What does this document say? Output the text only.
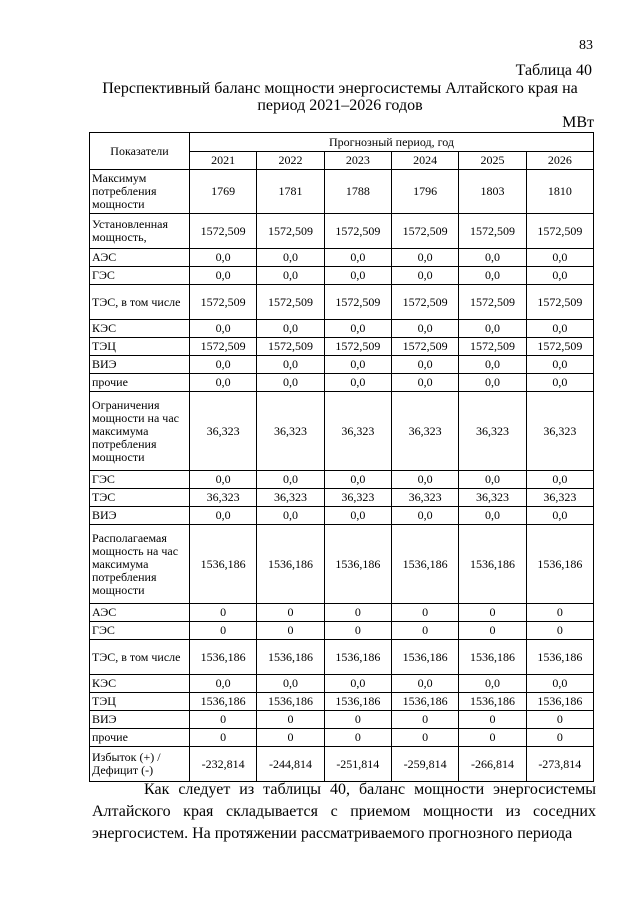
83
Таблица 40
Перспективный баланс мощности энергосистемы Алтайского края на период 2021–2026 годов
МВт
Показатели	Прогнозный период, год					
	2021	2022	2023	2024	2025	2026
Максимум потребления мощности	1769	1781	1788	1796	1803	1810
Установленная мощность,	1572,509	1572,509	1572,509	1572,509	1572,509	1572,509
АЭС	0,0	0,0	0,0	0,0	0,0	0,0
ГЭС	0,0	0,0	0,0	0,0	0,0	0,0
ТЭС, в том числе	1572,509	1572,509	1572,509	1572,509	1572,509	1572,509
КЭС	0,0	0,0	0,0	0,0	0,0	0,0
ТЭЦ	1572,509	1572,509	1572,509	1572,509	1572,509	1572,509
ВИЭ	0,0	0,0	0,0	0,0	0,0	0,0
прочие	0,0	0,0	0,0	0,0	0,0	0,0
Ограничения мощности на час максимума потребления мощности	36,323	36,323	36,323	36,323	36,323	36,323
ГЭС	0,0	0,0	0,0	0,0	0,0	0,0
ТЭС	36,323	36,323	36,323	36,323	36,323	36,323
ВИЭ	0,0	0,0	0,0	0,0	0,0	0,0
Располагаемая мощность на час максимума потребления мощности	1536,186	1536,186	1536,186	1536,186	1536,186	1536,186
АЭС	0	0	0	0	0	0
ГЭС	0	0	0	0	0	0
ТЭС, в том числе	1536,186	1536,186	1536,186	1536,186	1536,186	1536,186
КЭС	0,0	0,0	0,0	0,0	0,0	0,0
ТЭЦ	1536,186	1536,186	1536,186	1536,186	1536,186	1536,186
ВИЭ	0	0	0	0	0	0
прочие	0	0	0	0	0	0
Избыток (+) / Дефицит (-)	-232,814	-244,814	-251,814	-259,814	-266,814	-273,814
Как следует из таблицы 40, баланс мощности энергосистемы Алтайского края складывается с приемом мощности из соседних энергосистем. На протяжении рассматриваемого прогнозного периода
